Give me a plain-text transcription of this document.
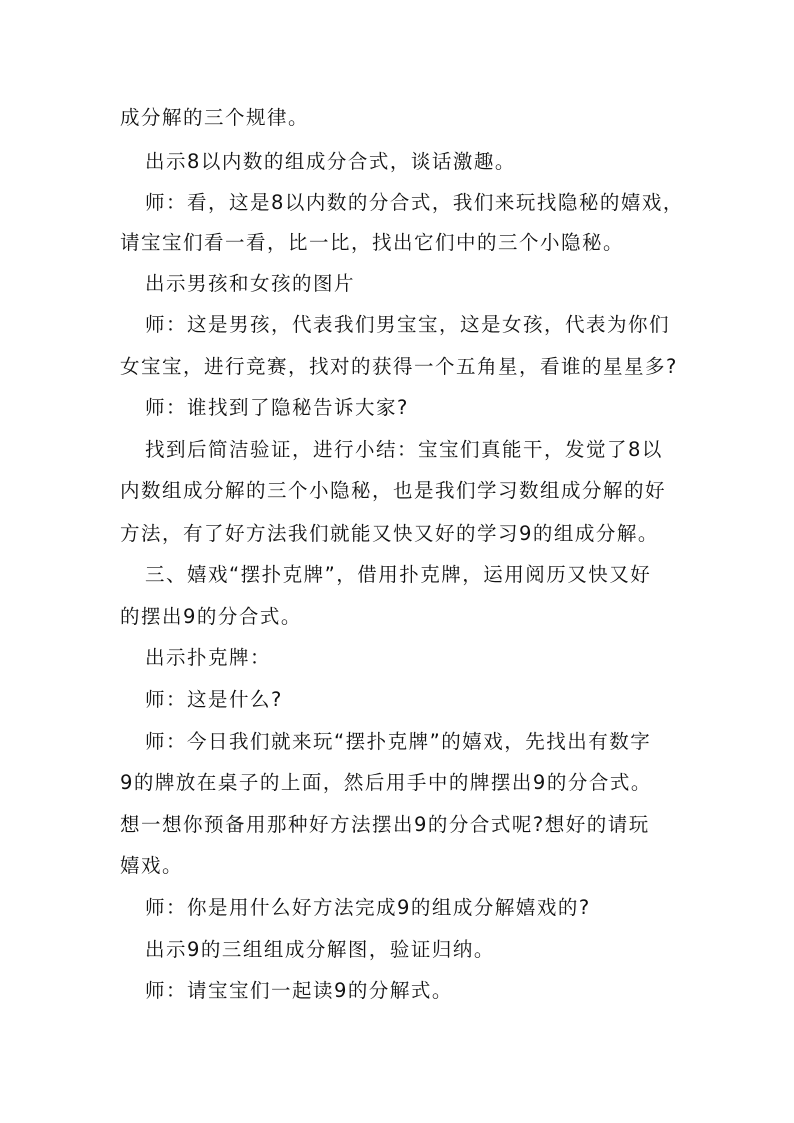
成分解的三个规律。
出示8以内数的组成分合式，谈话激趣。
师：看，这是8以内数的分合式，我们来玩找隐秘的嬉戏，
请宝宝们看一看，比一比，找出它们中的三个小隐秘。
出示男孩和女孩的图片
师：这是男孩，代表我们男宝宝，这是女孩，代表为你们
女宝宝，进行竞赛，找对的获得一个五角星，看谁的星星多?
师：谁找到了隐秘告诉大家?
找到后简洁验证，进行小结：宝宝们真能干，发觉了8以
内数组成分解的三个小隐秘，也是我们学习数组成分解的好
方法，有了好方法我们就能又快又好的学习9的组成分解。
三、嬉戏“摆扑克牌”，借用扑克牌，运用阅历又快又好
的摆出9的分合式。
出示扑克牌：
师：这是什么?
师：今日我们就来玩“摆扑克牌”的嬉戏，先找出有数字
9的牌放在桌子的上面，然后用手中的牌摆出9的分合式。
想一想你预备用那种好方法摆出9的分合式呢?想好的请玩
嬉戏。
师：你是用什么好方法完成9的组成分解嬉戏的?
出示9的三组组成分解图，验证归纳。
师：请宝宝们一起读9的分解式。
